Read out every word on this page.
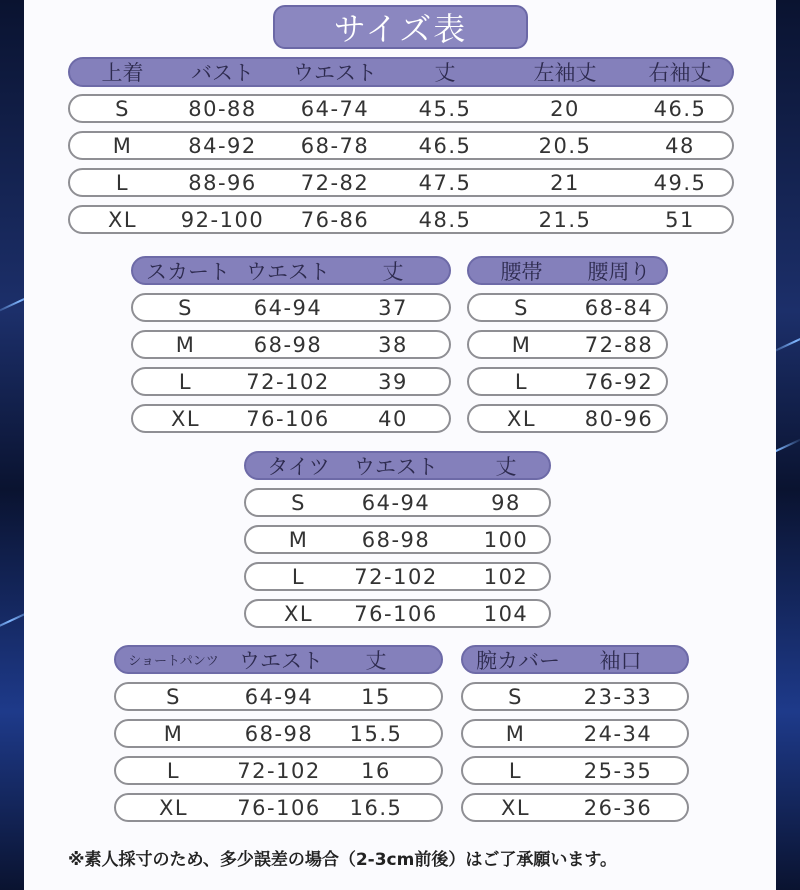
サイズ表
上着	バスト	ウエスト	丈	左袖丈	右袖丈
S	80-88	64-74	45.5	20	46.5
M	84-92	68-78	46.5	20.5	48
L	88-96	72-82	47.5	21	49.5
XL	92-100	76-86	48.5	21.5	51
スカート ウエスト	丈
S	64-94	37
M	68-98	38
L	72-102	39
XL	76-106	40
腰帯	腰周り
S	68-84
M	72-88
L	76-92
XL	80-96
タイツ	ウエスト	丈
S	64-94	98
M	68-98	100
L	72-102	102
XL	76-106	104
ショートパンツ ウエスト	丈
S	64-94	15
M	68-98	15.5
L	72-102	16
XL	76-106	16.5
腕カバー	袖口
S	23-33
M	24-34
L	25-35
XL	26-36
※素人採寸のため、多少誤差の場合（2-3cm前後）はご了承願います。
